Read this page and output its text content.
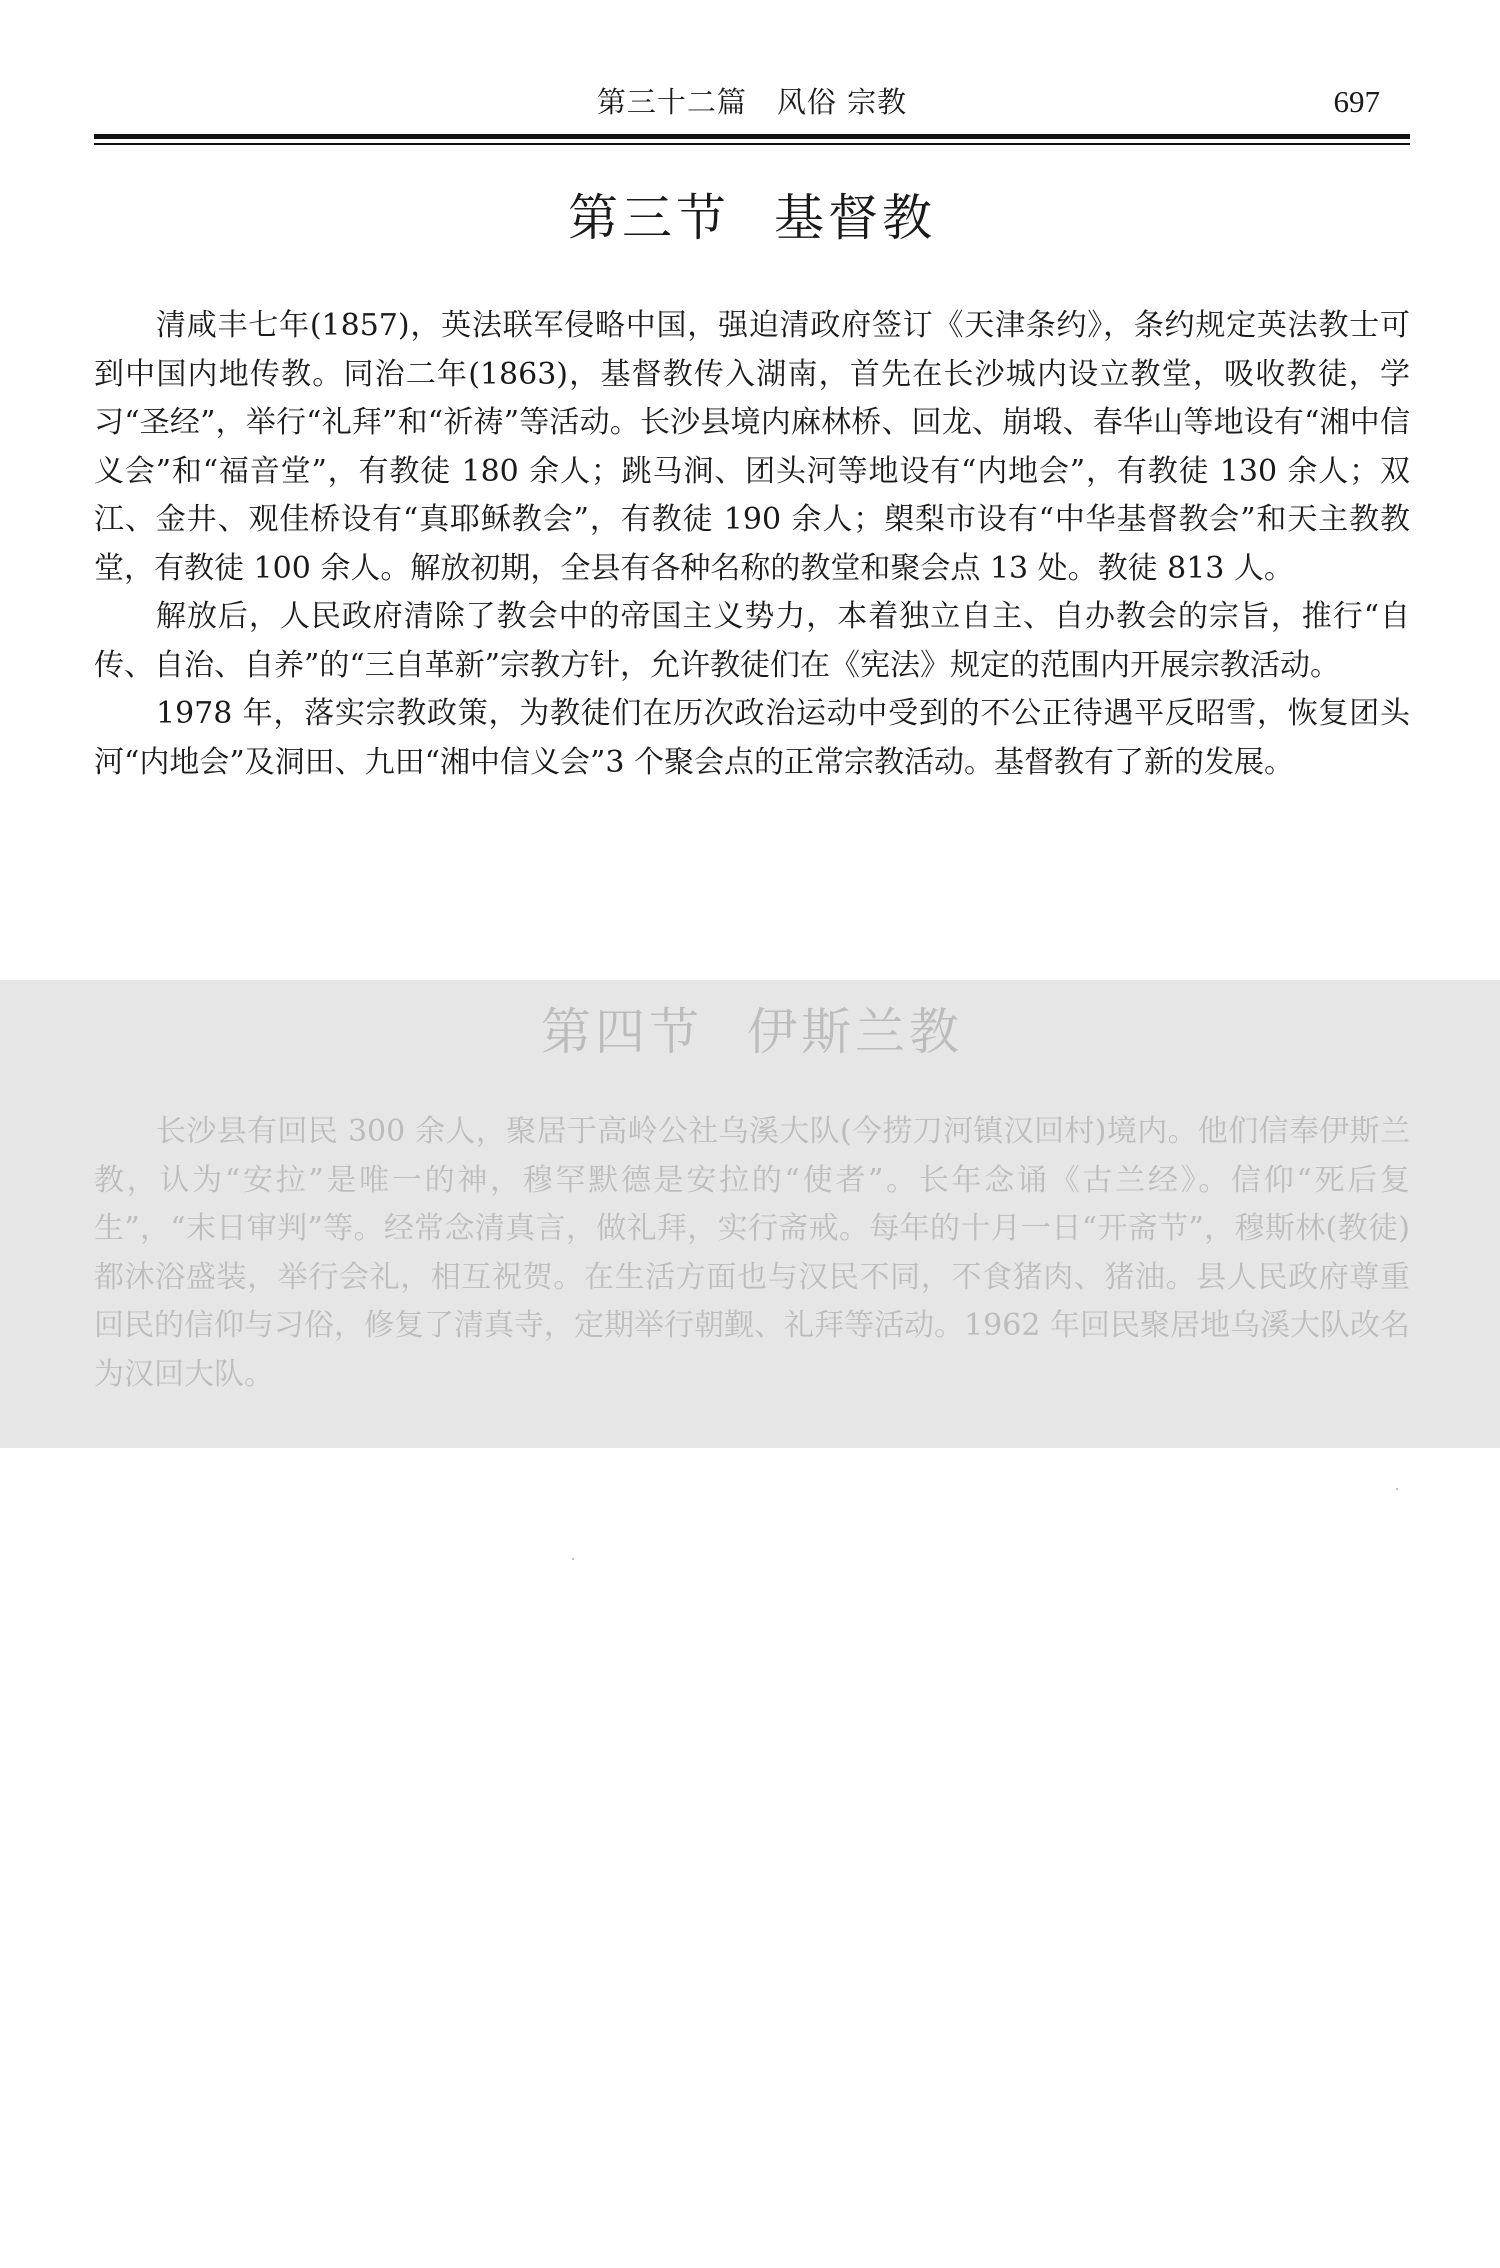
第三十二篇　风俗 宗教	697
第三节 基督教

清咸丰七年(1857)，英法联军侵略中国，强迫清政府签订《天津条约》，条约规定英法教士可到中国内地传教。同治二年(1863)，基督教传入湖南，首先在长沙城内设立教堂，吸收教徒，学习“圣经”，举行“礼拜”和“祈祷”等活动。长沙县境内麻林桥、回龙、崩塅、春华山等地设有“湘中信义会”和“福音堂”，有教徒 180 余人；跳马涧、团头河等地设有“内地会”，有教徒 130 余人；双江、金井、观佳桥设有“真耶稣教会”，有教徒 190 余人；㮾梨市设有“中华基督教会”和天主教教堂，有教徒 100 余人。解放初期，全县有各种名称的教堂和聚会点 13 处。教徒 813 人。

解放后，人民政府清除了教会中的帝国主义势力，本着独立自主、自办教会的宗旨，推行“自传、自治、自养”的“三自革新”宗教方针，允许教徒们在《宪法》规定的范围内开展宗教活动。

1978 年，落实宗教政策，为教徒们在历次政治运动中受到的不公正待遇平反昭雪，恢复团头河“内地会”及洞田、九田“湘中信义会”3 个聚会点的正常宗教活动。基督教有了新的发展。

第四节 伊斯兰教

长沙县有回民 300 余人，聚居于高岭公社乌溪大队(今捞刀河镇汉回村)境内。他们信奉伊斯兰教，认为“安拉”是唯一的神，穆罕默德是安拉的“使者”。长年念诵《古兰经》。信仰“死后复生”，“末日审判”等。经常念清真言，做礼拜，实行斋戒。每年的十月一日“开斋节”，穆斯林(教徒)都沐浴盛装，举行会礼，相互祝贺。在生活方面也与汉民不同，不食猪肉、猪油。县人民政府尊重回民的信仰与习俗，修复了清真寺，定期举行朝觐、礼拜等活动。1962 年回民聚居地乌溪大队改名为汉回大队。
